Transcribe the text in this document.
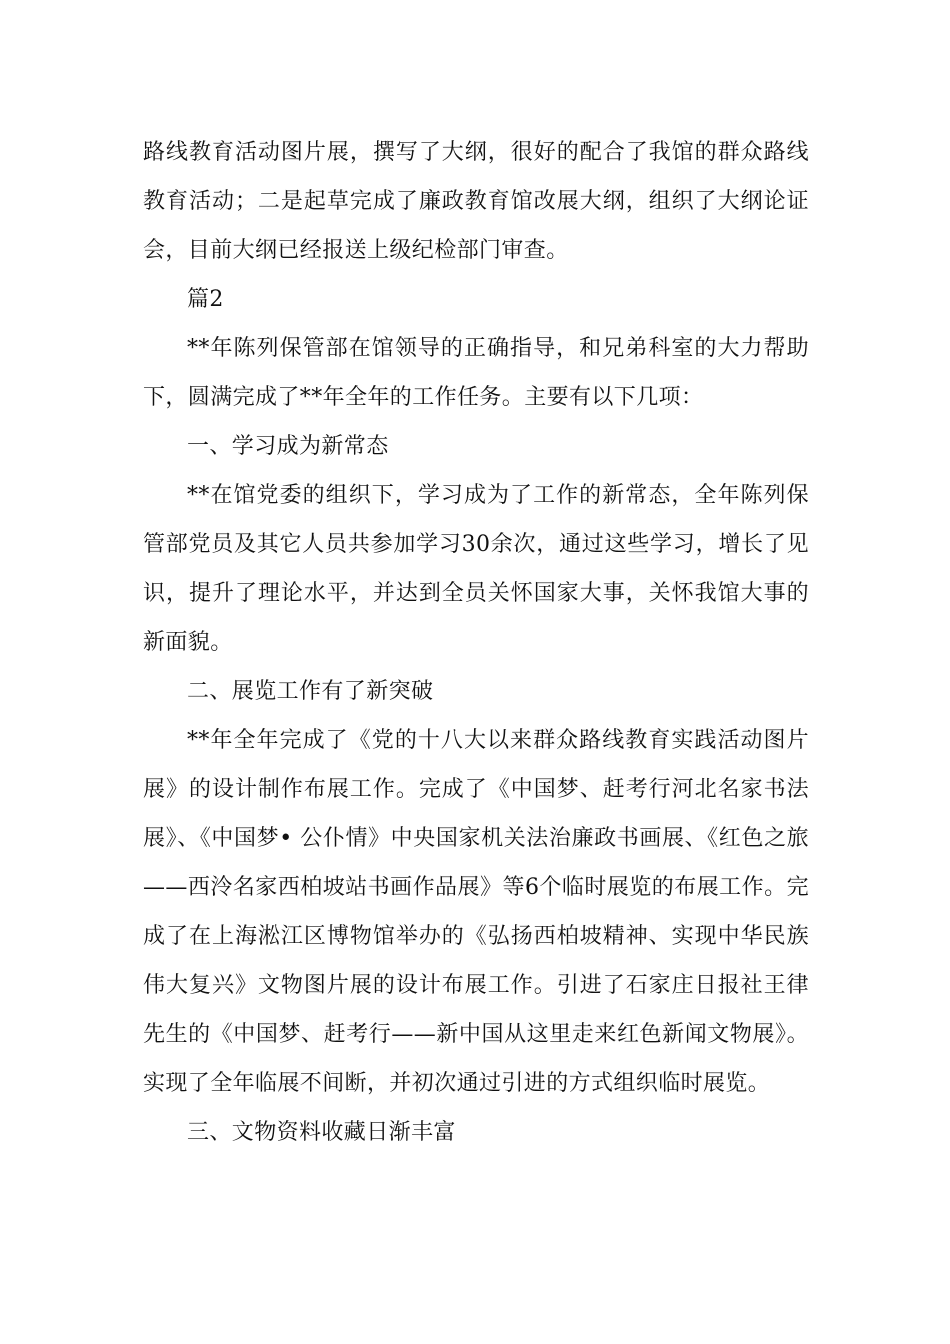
路线教育活动图片展，撰写了大纲，很好的配合了我馆的群众路线教育活动；二是起草完成了廉政教育馆改展大纲，组织了大纲论证会，目前大纲已经报送上级纪检部门审查。

篇2

**年陈列保管部在馆领导的正确指导，和兄弟科室的大力帮助下，圆满完成了**年全年的工作任务。主要有以下几项：

一、学习成为新常态

**在馆党委的组织下，学习成为了工作的新常态，全年陈列保管部党员及其它人员共参加学习30余次，通过这些学习，增长了见识，提升了理论水平，并达到全员关怀国家大事，关怀我馆大事的新面貌。

二、展览工作有了新突破

**年全年完成了《党的十八大以来群众路线教育实践活动图片展》的设计制作布展工作。完成了《中国梦、赶考行河北名家书法展》、《中国梦• 公仆情》中央国家机关法治廉政书画展、《红色之旅——西泠名家西柏坡站书画作品展》等6个临时展览的布展工作。完成了在上海淞江区博物馆举办的《弘扬西柏坡精神、实现中华民族伟大复兴》文物图片展的设计布展工作。引进了石家庄日报社王律先生的《中国梦、赶考行——新中国从这里走来红色新闻文物展》。实现了全年临展不间断，并初次通过引进的方式组织临时展览。

三、文物资料收藏日渐丰富
